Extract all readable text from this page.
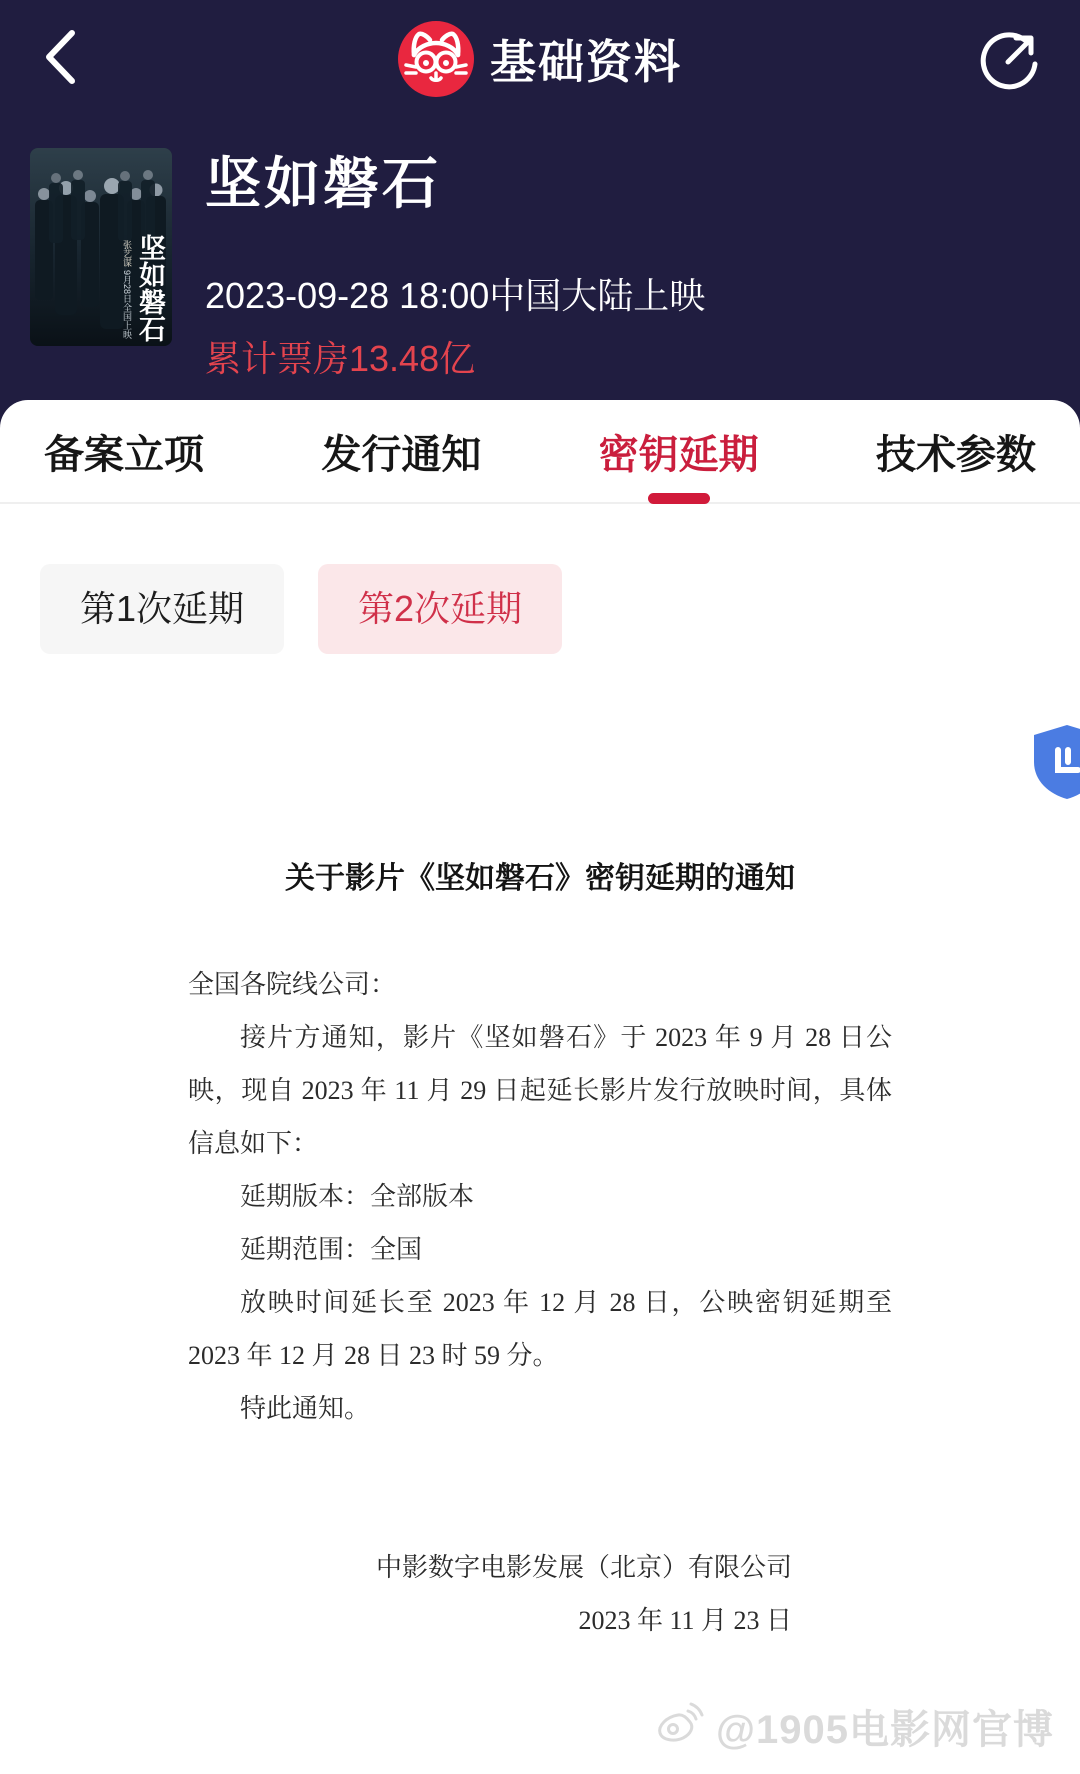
基础资料
坚如磐石
张艺谋
9月28日全国上映
坚如磐石
2023-09-28 18:00中国大陆上映
累计票房13.48亿
备案立项	发行通知	密钥延期	技术参数
第1次延期	第2次延期
关于影片《坚如磐石》密钥延期的通知

全国各院线公司：

接片方通知，影片《坚如磐石》于 2023 年 9 月 28 日公映，现自 2023 年 11 月 29 日起延长影片发行放映时间，具体信息如下：

延期版本：全部版本

延期范围：全国

放映时间延长至 2023 年 12 月 28 日，公映密钥延期至 2023 年 12 月 28 日 23 时 59 分。

特此通知。

中影数字电影发展（北京）有限公司
2023 年 11 月 23 日
@1905电影网官博
